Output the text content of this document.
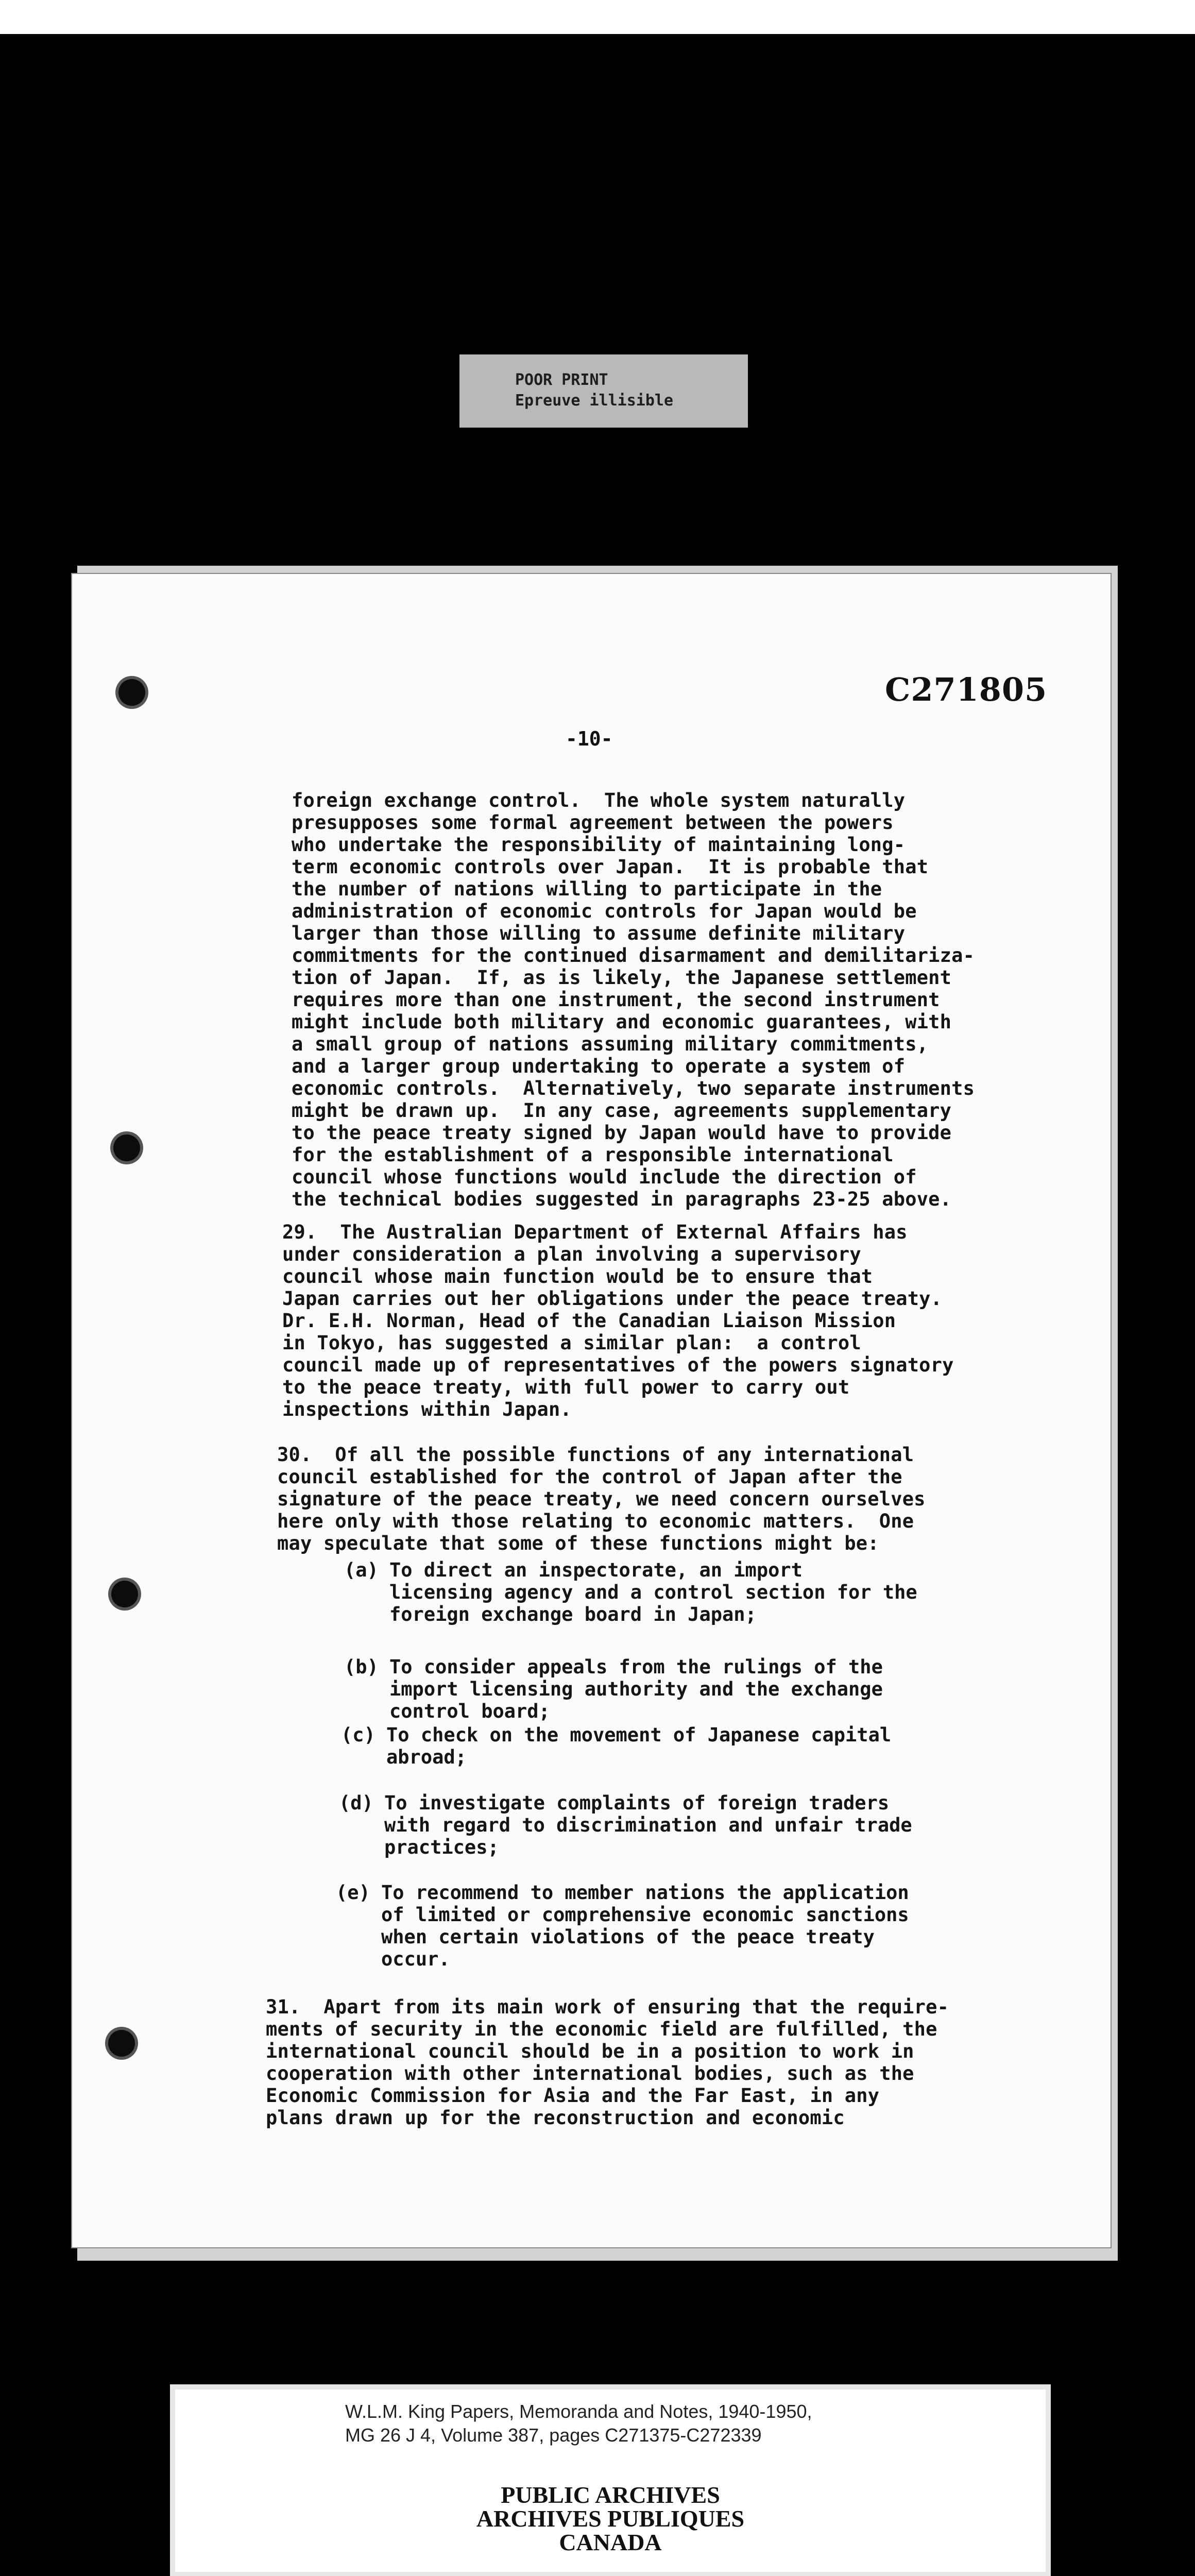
POOR PRINT
Epreuve illisible
C271805
-10-
foreign exchange control.  The whole system naturally
presupposes some formal agreement between the powers
who undertake the responsibility of maintaining long-
term economic controls over Japan.  It is probable that
the number of nations willing to participate in the
administration of economic controls for Japan would be
larger than those willing to assume definite military
commitments for the continued disarmament and demilitariza-
tion of Japan.  If, as is likely, the Japanese settlement
requires more than one instrument, the second instrument
might include both military and economic guarantees, with
a small group of nations assuming military commitments,
and a larger group undertaking to operate a system of
economic controls.  Alternatively, two separate instruments
might be drawn up.  In any case, agreements supplementary
to the peace treaty signed by Japan would have to provide
for the establishment of a responsible international
council whose functions would include the direction of
the technical bodies suggested in paragraphs 23-25 above.
29.  The Australian Department of External Affairs has
under consideration a plan involving a supervisory
council whose main function would be to ensure that
Japan carries out her obligations under the peace treaty.
Dr. E.H. Norman, Head of the Canadian Liaison Mission
in Tokyo, has suggested a similar plan:  a control
council made up of representatives of the powers signatory
to the peace treaty, with full power to carry out
inspections within Japan.
30.  Of all the possible functions of any international
council established for the control of Japan after the
signature of the peace treaty, we need concern ourselves
here only with those relating to economic matters.  One
may speculate that some of these functions might be:
(a) To direct an inspectorate, an import
licensing agency and a control section for the
foreign exchange board in Japan;
(b) To consider appeals from the rulings of the
import licensing authority and the exchange
control board;
(c) To check on the movement of Japanese capital
abroad;
(d) To investigate complaints of foreign traders
with regard to discrimination and unfair trade
practices;
(e) To recommend to member nations the application
of limited or comprehensive economic sanctions
when certain violations of the peace treaty
occur.
31.  Apart from its main work of ensuring that the require-
ments of security in the economic field are fulfilled, the
international council should be in a position to work in
cooperation with other international bodies, such as the
Economic Commission for Asia and the Far East, in any
plans drawn up for the reconstruction and economic
W.L.M. King Papers, Memoranda and Notes, 1940-1950,
MG 26 J 4, Volume 387, pages C271375-C272339
PUBLIC ARCHIVES
ARCHIVES PUBLIQUES
CANADA
